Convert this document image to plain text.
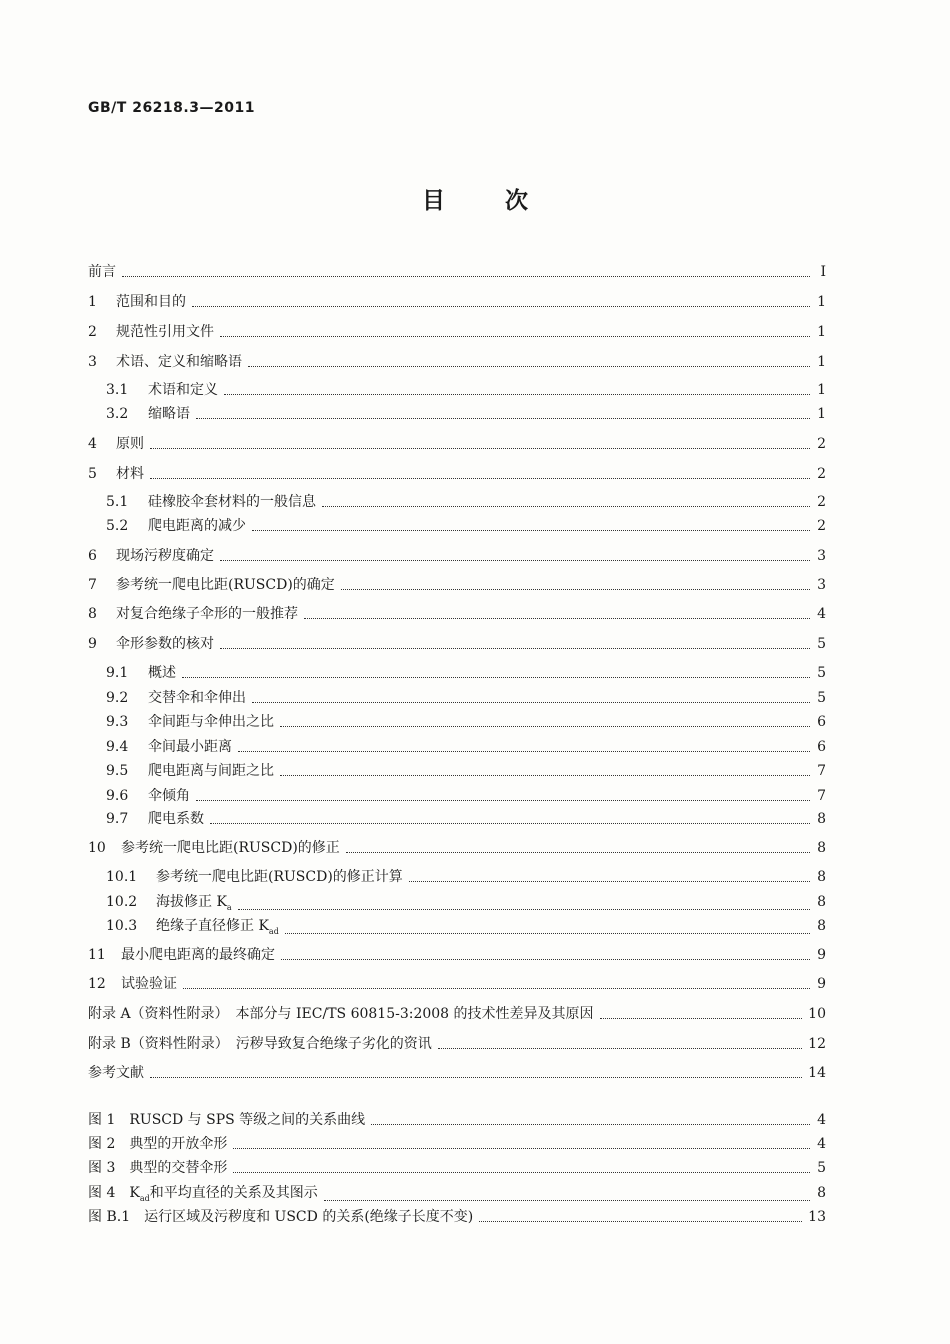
GB/T 26218.3—2011
目	次
前言	Ⅰ
1	范围和目的	1
2	规范性引用文件	1
3	术语、定义和缩略语	1
3.1	术语和定义	1
3.2	缩略语	1
4	原则	2
5	材料	2
5.1	硅橡胶伞套材料的一般信息	2
5.2	爬电距离的减少	2
6	现场污秽度确定	3
7	参考统一爬电比距(RUSCD)的确定	3
8	对复合绝缘子伞形的一般推荐	4
9	伞形参数的核对	5
9.1	概述	5
9.2	交替伞和伞伸出	5
9.3	伞间距与伞伸出之比	6
9.4	伞间最小距离	6
9.5	爬电距离与间距之比	7
9.6	伞倾角	7
9.7	爬电系数	8
10	参考统一爬电比距(RUSCD)的修正	8
10.1	参考统一爬电比距(RUSCD)的修正计算	8
10.2	海拔修正 $K_a$	8
10.3	绝缘子直径修正 $K_{ad}$	8
11	最小爬电距离的最终确定	9
12	试验验证	9
附录 A（资料性附录）　本部分与 IEC/TS 60815-3:2008 的技术性差异及其原因	10
附录 B（资料性附录）　污秽导致复合绝缘子劣化的资讯	12
参考文献	14
图 1　RUSCD 与 SPS 等级之间的关系曲线	4
图 2　典型的开放伞形	4
图 3　典型的交替伞形	5
图 4　$K_{ad}$和平均直径的关系及其图示	8
图 B.1　运行区域及污秽度和 USCD 的关系(绝缘子长度不变)	13
